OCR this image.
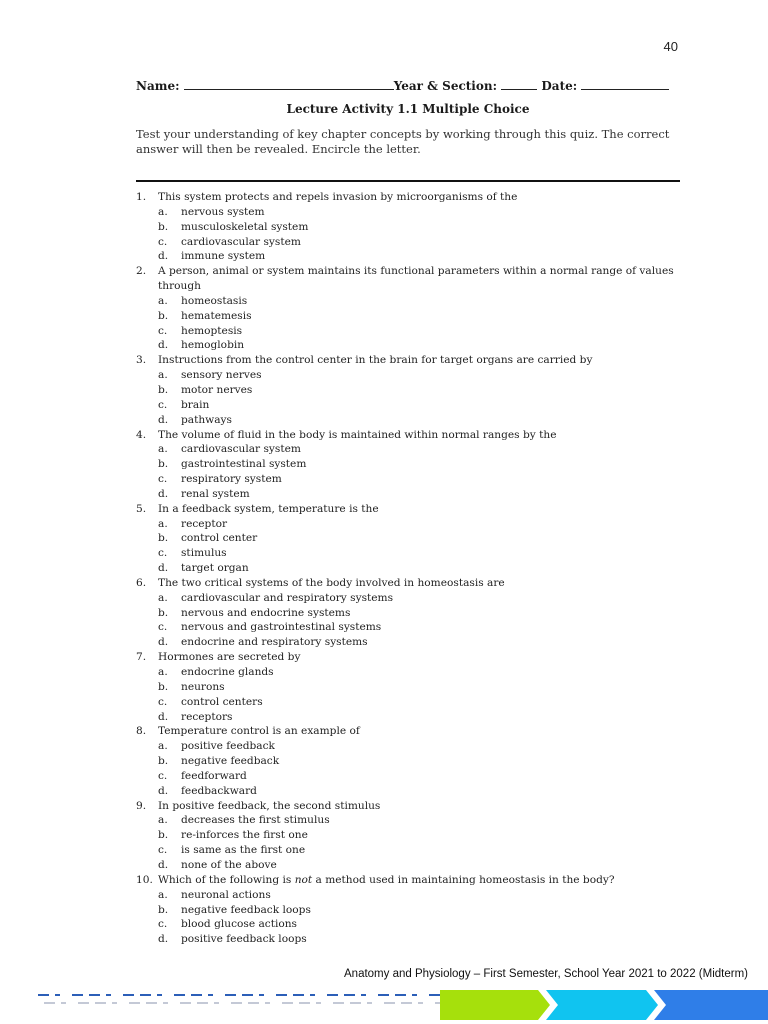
40
Name:	Year & Section:	Date:
Lecture Activity 1.1 Multiple Choice
Test your understanding of key chapter concepts by working through this quiz. The correct answer will then be revealed. Encircle the letter.
1. This system protects and repels invasion by microorganisms of the
a. nervous system
b. musculoskeletal system
c. cardiovascular system
d. immune system
2. A person, animal or system maintains its functional parameters within a normal range of values through
a. homeostasis
b. hematemesis
c. hemoptesis
d. hemoglobin
3. Instructions from the control center in the brain for target organs are carried by
a. sensory nerves
b. motor nerves
c. brain
d. pathways
4. The volume of fluid in the body is maintained within normal ranges by the
a. cardiovascular system
b. gastrointestinal system
c. respiratory system
d. renal system
5. In a feedback system, temperature is the
a. receptor
b. control center
c. stimulus
d. target organ
6. The two critical systems of the body involved in homeostasis are
a. cardiovascular and respiratory systems
b. nervous and endocrine systems
c. nervous and gastrointestinal systems
d. endocrine and respiratory systems
7. Hormones are secreted by
a. endocrine glands
b. neurons
c. control centers
d. receptors
8. Temperature control is an example of
a. positive feedback
b. negative feedback
c. feedforward
d. feedbackward
9. In positive feedback, the second stimulus
a. decreases the first stimulus
b. re-inforces the first one
c. is same as the first one
d. none of the above
10. Which of the following is not a method used in maintaining homeostasis in the body?
a. neuronal actions
b. negative feedback loops
c. blood glucose actions
d. positive feedback loops
Anatomy and Physiology – First Semester, School Year 2021 to 2022 (Midterm)
